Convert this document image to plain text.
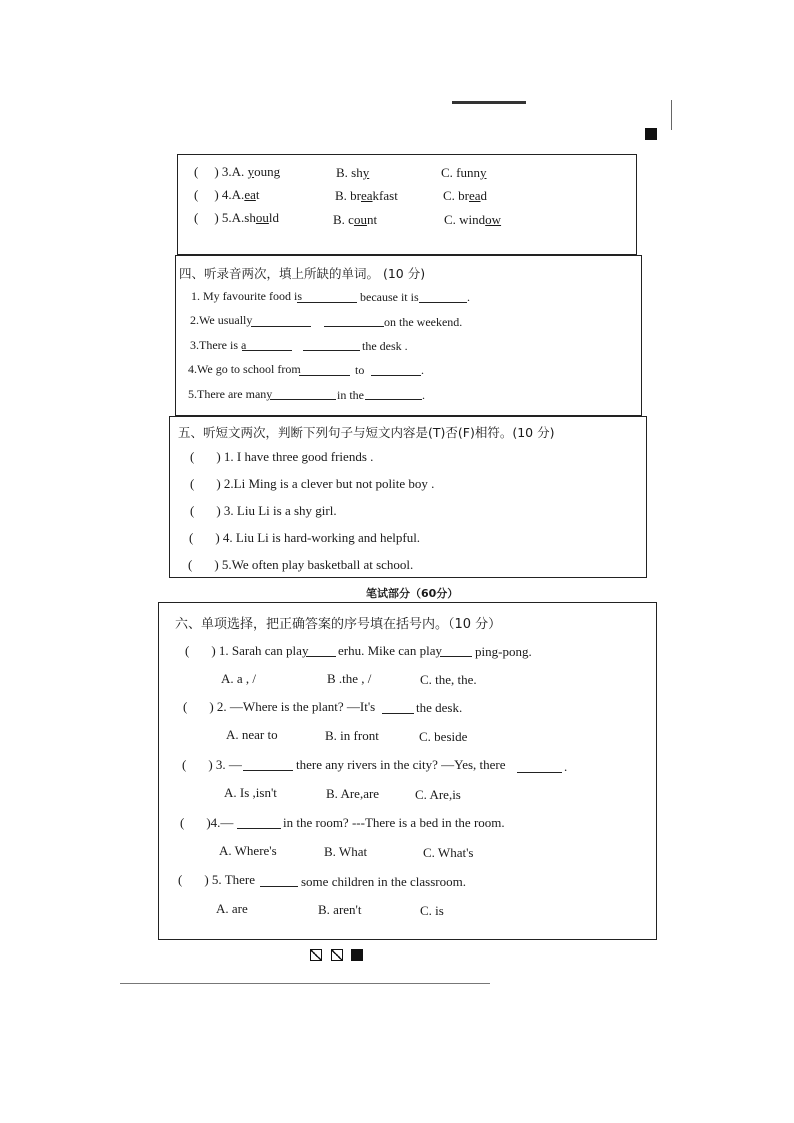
( ) 3.A. young	B. shy	C. funny
( ) 4.A.eat	B. breakfast	C. bread
( ) 5.A.should	B. count	C. window
四、听录音两次，填上所缺的单词。 (10 分)
1. My favourite food is	because it is	.
2.We usually	on the weekend.
3.There is a	the desk .
4.We go to school from	to	.
5.There are many	in the	.
五、听短文两次，判断下列句子与短文内容是(T)否(F)相符。(10 分)
( ) 1. I have three good friends .
( ) 2.Li Ming is a clever but not polite boy .
( ) 3. Liu Li is a shy girl.
( ) 4. Liu Li is hard-working and helpful.
( ) 5.We often play basketball at school.
笔试部分（60分）
六、单项选择，把正确答案的序号填在括号内。（10 分）
( ) 1. Sarah can play erhu. Mike can play	ping-pong.
A. a , /	B .the , /	C. the, the.
( ) 2. —Where is the plant? —It's	the desk.
A. near to	B. in front	C. beside
( ) 3. —	there any rivers in the city? —Yes, there	.
A. Is ,isn't	B. Are,are	C. Are,is
( )4.—	in the room? ---There is a bed in the room.
A. Where's	B. What	C. What's
( ) 5. There	some children in the classroom.
A. are	B. aren't	C. is
